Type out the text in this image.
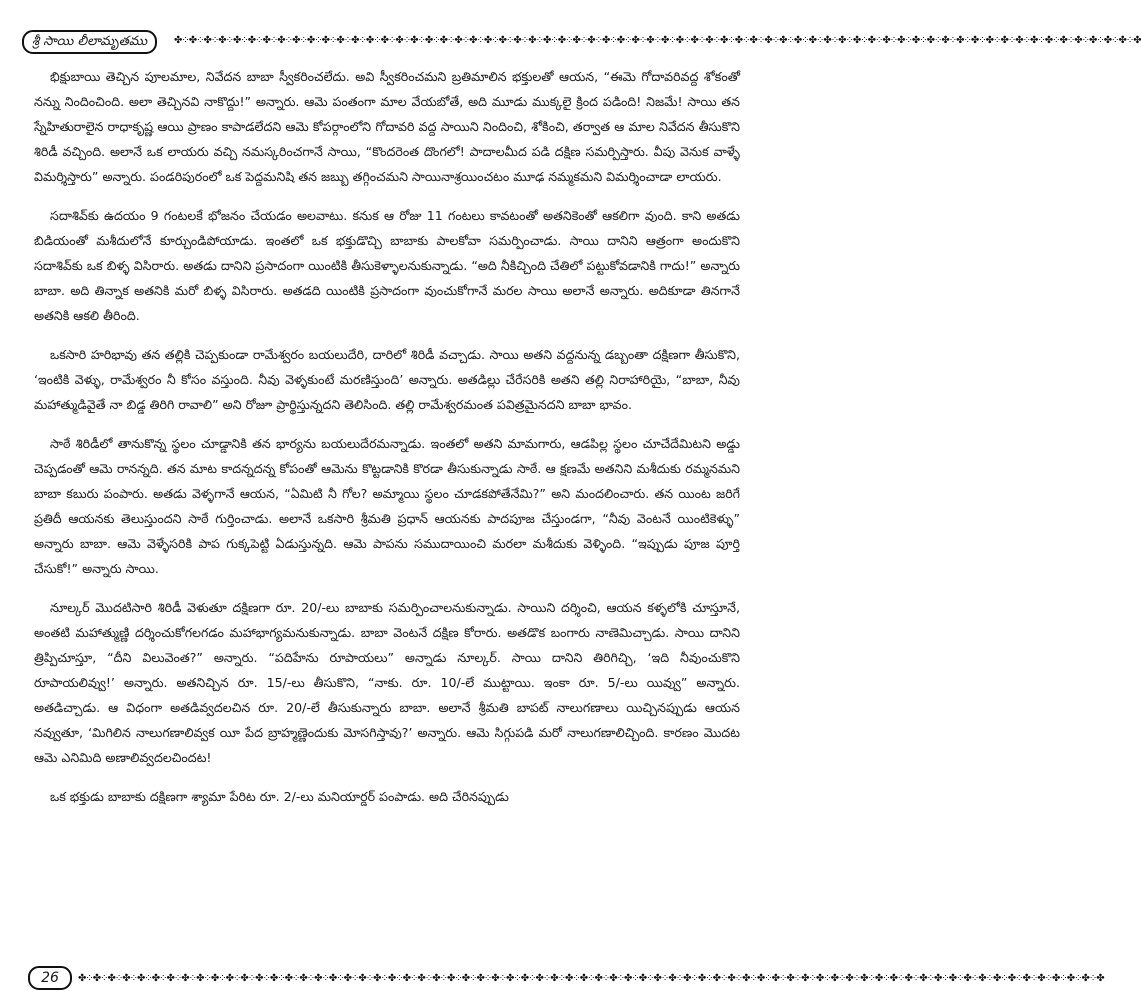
శ్రీ సాయి లీలామృతము	✤⁘✤⁘✤⁘✤⁘✤⁘✤⁘✤⁘✤⁘✤⁘✤⁘✤⁘✤⁘✤⁘✤⁘✤⁘✤⁘✤⁘✤⁘✤⁘✤⁘✤⁘✤⁘✤⁘✤⁘✤⁘✤⁘✤⁘✤⁘✤⁘✤⁘✤⁘✤⁘✤⁘✤⁘✤⁘✤⁘✤⁘✤⁘✤⁘✤⁘✤⁘✤⁘✤⁘✤⁘✤⁘✤⁘✤⁘✤⁘✤⁘✤⁘✤⁘✤⁘✤⁘✤⁘✤⁘✤⁘✤⁘✤⁘✤⁘✤⁘✤⁘✤⁘✤⁘✤⁘✤⁘✤

భిక్షుబాయి తెచ్చిన పూలమాల, నివేదన బాబా స్వీకరించలేదు. అవి స్వీకరించమని బ్రతిమాలిన భక్తులతో ఆయన, “ఈమె గోదావరివద్ద శోకంతో నన్ను నిందించింది. అలా తెచ్చినవి నాకొద్దు!” అన్నారు. ఆమె పంతంగా మాల వేయబోతే, అది మూడు ముక్కలై క్రింద పడింది! నిజమే! సాయి తన స్నేహితురాలైన రాధాకృష్ణ ఆయి ప్రాణం కాపాడలేదని ఆమె కోపర్గాంలోని గోదావరి వద్ద సాయిని నిందించి, శోకించి, తర్వాత ఆ మాల నివేదన తీసుకొని శిరిడీ వచ్చింది. అలానే ఒక లాయరు వచ్చి నమస్కరించగానే సాయి, “కొందరెంత దొంగలో! పాదాలమీద పడి దక్షిణ సమర్పిస్తారు. వీపు వెనుక వాళ్ళే విమర్శిస్తారు” అన్నారు. పండరిపురంలో ఒక పెద్దమనిషి తన జబ్బు తగ్గించమని సాయినాశ్రయించటం మూఢ నమ్మకమని విమర్శించాడా లాయరు.

సదాశివ్‌కు ఉదయం 9 గంటలకే భోజనం చేయడం అలవాటు. కనుక ఆ రోజు 11 గంటలు కావటంతో అతనికెంతో ఆకలిగా వుంది. కాని అతడు బిడియంతో మశీదులోనే కూర్చుండిపోయాడు. ఇంతలో ఒక భక్తుడొచ్చి బాబాకు పాలకోవా సమర్పించాడు. సాయి దానిని ఆత్రంగా అందుకొని సదాశివ్‌కు ఒక బిళ్ళ విసిరారు. అతడు దానిని ప్రసాదంగా యింటికి తీసుకెళ్ళాలనుకున్నాడు. “అది నీకిచ్చింది చేతిలో పట్టుకోవడానికి గాదు!” అన్నారు బాబా. అది తిన్నాక అతనికి మరో బిళ్ళ విసిరారు. అతడది యింటికి ప్రసాదంగా వుంచుకోగానే మరల సాయి అలానే అన్నారు. అదికూడా తినగానే అతనికి ఆకలి తీరింది.

ఒకసారి హరిభావు తన తల్లికి చెప్పకుండా రామేశ్వరం బయలుదేరి, దారిలో శిరిడీ వచ్చాడు. సాయి అతని వద్దనున్న డబ్బంతా దక్షిణగా తీసుకొని, ‘ఇంటికి వెళ్ళు, రామేశ్వరం నీ కోసం వస్తుంది. నీవు వెళ్ళకుంటే మరణిస్తుంది’ అన్నారు. అతడిల్లు చేరేసరికి అతని తల్లి నిరాహారియై, “బాబా, నీవు మహాత్ముడివైతే నా బిడ్డ తిరిగి రావాలి” అని రోజూ ప్రార్థిస్తున్నదని తెలిసింది. తల్లి రామేశ్వరమంత పవిత్రమైనదని బాబా భావం.

సాఠే శిరిడీలో తానుకొన్న స్థలం చూడ్డానికి తన భార్యను బయలుదేరమన్నాడు. ఇంతలో అతని మామగారు, ఆడపిల్ల స్థలం చూచేదేమిటని అడ్డు చెప్పడంతో ఆమె రానన్నది. తన మాట కాదన్నదన్న కోపంతో ఆమెను కొట్టడానికి కొరడా తీసుకున్నాడు సాఠే. ఆ క్షణమే అతనిని మశీదుకు రమ్మనమని బాబా కబురు పంపారు. అతడు వెళ్ళగానే ఆయన, “ఏమిటి నీ గోల? అమ్మాయి స్థలం చూడకపోతేనేమి?” అని మందలించారు. తన యింట జరిగే ప్రతిదీ ఆయనకు తెలుస్తుందని సాఠే గుర్తించాడు. అలానే ఒకసారి శ్రీమతి ప్రధాన్ ఆయనకు పాదపూజ చేస్తుండగా, “నీవు వెంటనే యింటికెళ్ళు” అన్నారు బాబా. ఆమె వెళ్ళేసరికి పాప గుక్కపెట్టి ఏడుస్తున్నది. ఆమె పాపను సముదాయించి మరలా మశీదుకు వెళ్ళింది. “ఇప్పుడు పూజ పూర్తి చేసుకో!” అన్నారు సాయి.

నూల్కర్ మొదటిసారి శిరిడీ వెళుతూ దక్షిణగా రూ. 20/-లు బాబాకు సమర్పించాలనుకున్నాడు. సాయిని దర్శించి, ఆయన కళ్ళలోకి చూస్తూనే, అంతటి మహాత్ముణ్ణి దర్శించుకోగలగడం మహాభాగ్యమనుకున్నాడు. బాబా వెంటనే దక్షిణ కోరారు. అతడొక బంగారు నాణెమిచ్చాడు. సాయి దానిని త్రిప్పిచూస్తూ, “దీని విలువెంత?” అన్నారు. “పదిహేను రూపాయలు” అన్నాడు నూల్కర్. సాయి దానిని తిరిగిచ్చి, ‘ఇది నీవుంచుకొని రూపాయలివ్వు!’ అన్నారు. అతనిచ్చిన రూ. 15/-లు తీసుకొని, “నాకు. రూ. 10/-లే ముట్టాయి. ఇంకా రూ. 5/-లు యివ్వు” అన్నారు. అతడిచ్చాడు. ఆ విధంగా అతడివ్వదలచిన రూ. 20/-లే తీసుకున్నారు బాబా. అలానే శ్రీమతి బాపట్ నాలుగణాలు యిచ్చినప్పుడు ఆయన నవ్వుతూ, ‘మిగిలిన నాలుగణాలివ్వక యీ పేద బ్రాహ్మణ్ణెందుకు మోసగిస్తావు?’ అన్నారు. ఆమె సిగ్గుపడి మరో నాలుగణాలిచ్చింది. కారణం మొదట ఆమె ఎనిమిది అణాలివ్వదలచిందట!

ఒక భక్తుడు బాబాకు దక్షిణగా శ్యామా పేరిట రూ. 2/-లు మనియార్డర్ పంపాడు. అది చేరినప్పుడు

26	✤⁘✤⁘✤⁘✤⁘✤⁘✤⁘✤⁘✤⁘✤⁘✤⁘✤⁘✤⁘✤⁘✤⁘✤⁘✤⁘✤⁘✤⁘✤⁘✤⁘✤⁘✤⁘✤⁘✤⁘✤⁘✤⁘✤⁘✤⁘✤⁘✤⁘✤⁘✤⁘✤⁘✤⁘✤⁘✤⁘✤⁘✤⁘✤⁘✤⁘✤⁘✤⁘✤⁘✤⁘✤⁘✤⁘✤⁘✤⁘✤⁘✤⁘✤⁘✤⁘✤⁘✤⁘✤⁘✤⁘✤⁘✤⁘✤⁘✤⁘✤⁘✤⁘✤⁘✤⁘✤⁘✤⁘✤⁘✤⁘✤⁘✤
